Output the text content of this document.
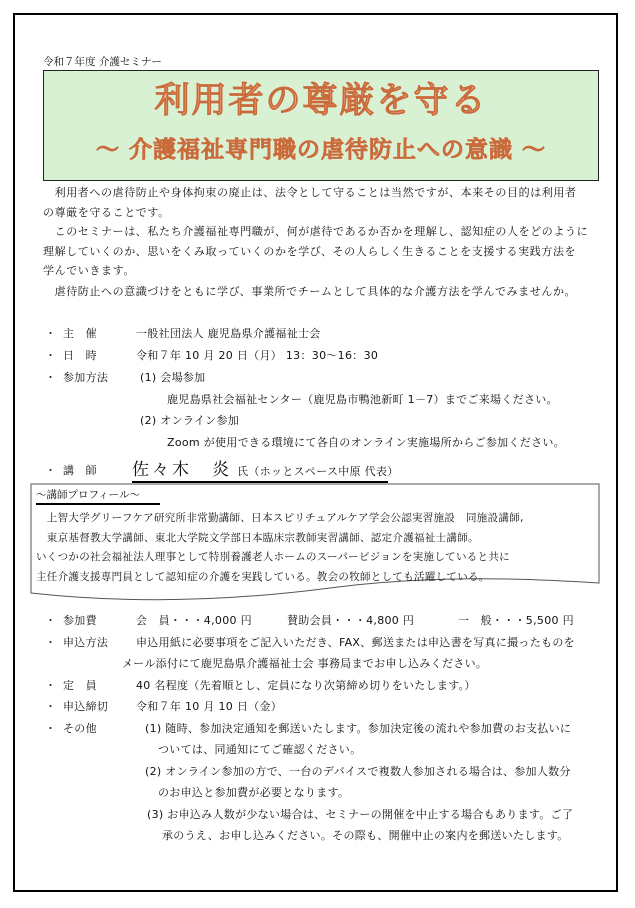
令和７年度 介護セミナー
利用者の尊厳を守る
～ 介護福祉専門職の虐待防止への意識 ～
　利用者への虐待防止や身体拘束の廃止は、法令として守ることは当然ですが、本来その目的は利用者
の尊厳を守ることです。
　このセミナーは、私たち介護福祉専門職が、何が虐待であるか否かを理解し、認知症の人をどのように
理解していくのか、思いをくみ取っていくのかを学び、その人らしく生きることを支援する実践方法を
学んでいきます。
　虐待防止への意識づけをともに学び、事業所でチームとして具体的な介護方法を学んでみませんか。
・ 主　催	一般社団法人 鹿児島県介護福祉士会
・ 日　時	令和７年 10 月 20 日（月） 13：30～16：30
・ 参加方法	(1) 会場参加
鹿児島県社会福祉センター（鹿児島市鴨池新町 1－7）までご来場ください。
(2) オンライン参加
Zoom が使用できる環境にて各自のオンライン実施場所からご参加ください。
・ 講　師 佐々木　炎 氏（ホッとスペース中原 代表）
～講師プロフィール～
　上智大学グリーフケア研究所非常勤講師、日本スピリチュアルケア学会公認実習施設　同施設講師,
　東京基督教大学講師、東北大学院文学部日本臨床宗教師実習講師、認定介護福祉士講師。
いくつかの社会福祉法人理事として特別養護老人ホームのスーパービジョンを実施していると共に
主任介護支援専門員として認知症の介護を実践している。教会の牧師としても活躍している。
・ 参加費	会　員・・・4,000 円	賛助会員・・・4,800 円	一　般・・・5,500 円
・ 申込方法	申込用紙に必要事項をご記入いただき、FAX、郵送または申込書を写真に撮ったものを
メール添付にて鹿児島県介護福祉士会 事務局までお申し込みください。
・ 定　員	40 名程度（先着順とし、定員になり次第締め切りをいたします。）
・ 申込締切	令和７年 10 月 10 日（金）
・ その他	(1) 随時、参加決定通知を郵送いたします。参加決定後の流れや参加費のお支払いに
ついては、同通知にてご確認ください。
(2) オンライン参加の方で、一台のデバイスで複数人参加される場合は、参加人数分
のお申込と参加費が必要となります。
(3) お申込み人数が少ない場合は、セミナーの開催を中止する場合もあります。ご了
承のうえ、お申し込みください。その際も、開催中止の案内を郵送いたします。
